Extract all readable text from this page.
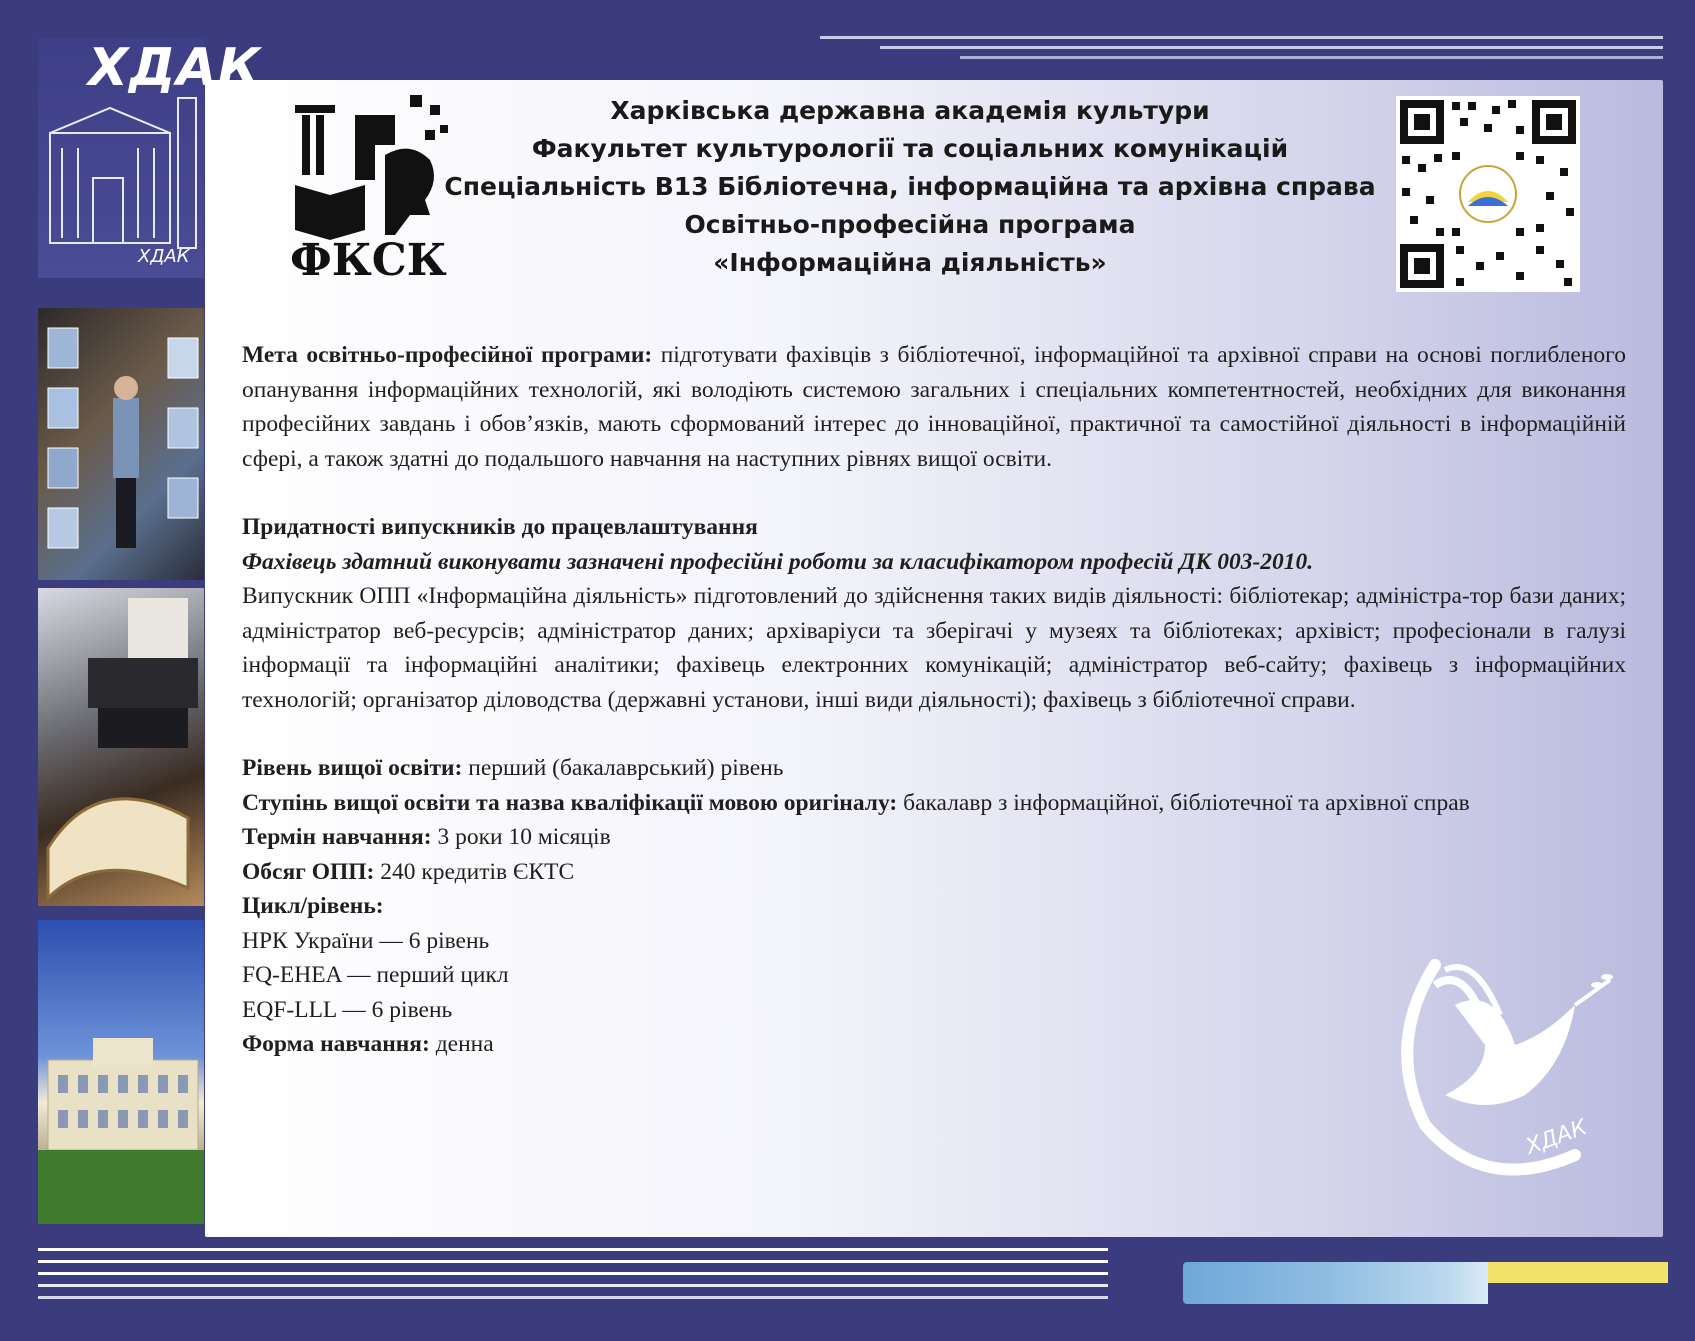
ХДАК
ХДАК ФКСК
Харківська державна академія культури
Факультет культурології та соціальних комунікацій
Спеціальність B13 Бібліотечна, інформаційна та архівна справа
Освітньо-професійна програма
«Інформаційна діяльність»

Мета освітньо-професійної програми: підготувати фахівців з бібліотечної, інформаційної та архівної справи на основі поглибленого опанування інформаційних технологій, які володіють системою загальних і спеціальних компетентностей, необхідних для виконання професійних завдань і обов’язків, мають сформований інтерес до інноваційної, практичної та самостійної діяльності в інформаційній сфері, а також здатні до подальшого навчання на наступних рівнях вищої освіти.

Придатності випускників до працевлаштування

Фахівець здатний виконувати зазначені професійні роботи за класифікатором професій ДК 003-2010.

Випускник ОПП «Інформаційна діяльність» підготовлений до здійснення таких видів діяльності: бібліотекар; адміністра-тор бази даних; адміністратор веб-ресурсів; адміністратор даних; архіваріуси та зберігачі у музеях та бібліотеках; архівіст; професіонали в галузі інформації та інформаційні аналітики; фахівець електронних комунікацій; адміністратор веб-сайту; фахівець з інформаційних технологій; організатор діловодства (державні установи, інші види діяльності); фахівець з бібліотечної справи.

Рівень вищої освіти: перший (бакалаврський) рівень

Ступінь вищої освіти та назва кваліфікації мовою оригіналу: бакалавр з інформаційної, бібліотечної та архівної справ

Термін навчання: 3 роки 10 місяців

Обсяг ОПП: 240 кредитів ЄКТС

Цикл/рівень:

НРК України — 6 рівень

FQ-EHEA — перший цикл

EQF-LLL — 6 рівень

Форма навчання: денна

ХДАК
